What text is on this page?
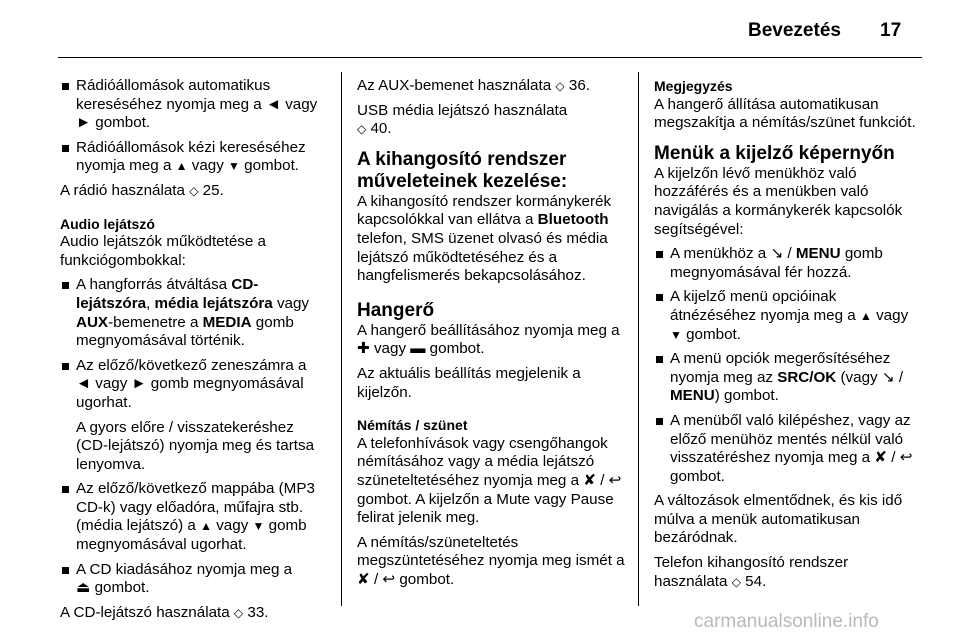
Bevezetés 17
Rádióállomások automatikus kereséséhez nyomja meg a ◄ vagy ► gombot.
Rádióállomások kézi kereséséhez nyomja meg a ▲ vagy ▼ gombot.

A rádió használata ◇ 25.

Audio lejátszó

Audio lejátszók működtetése a funkciógombokkal:

A hangforrás átváltása CD-lejátszóra, média lejátszóra vagy AUX-bemenetre a MEDIA gomb megnyomásával történik.
Az előző/következő zeneszámra a ◄ vagy ► gomb megnyomásával ugorhat.
A gyors előre / visszatekeréshez (CD-lejátszó) nyomja meg és tartsa lenyomva.
Az előző/következő mappába (MP3 CD-k) vagy előadóra, műfajra stb. (média lejátszó) a ▲ vagy ▼ gomb megnyomásával ugorhat.
A CD kiadásához nyomja meg a
⏏ gombot.

A CD-lejátszó használata ◇ 33.

Az AUX-bemenet használata ◇ 36.

USB média lejátszó használata
◇ 40.

A kihangosító rendszer műveleteinek kezelése:

A kihangosító rendszer kormánykerék kapcsolókkal van ellátva a Bluetooth telefon, SMS üzenet olvasó és média lejátszó működtetéséhez és a hangfelismerés bekapcsolásához.

Hangerő

A hangerő beállításához nyomja meg a ✚ vagy ▬ gombot.

Az aktuális beállítás megjelenik a kijelzőn.

Némítás / szünet

A telefonhívások vagy csengőhangok némításához vagy a média lejátszó szüneteltetéséhez nyomja meg a ✘ / ↩ gombot. A kijelzőn a Mute vagy Pause felirat jelenik meg.

A némítás/szüneteltetés megszüntetéséhez nyomja meg ismét a ✘ / ↩ gombot.

Megjegyzés

A hangerő állítása automatikusan megszakítja a némítás/szünet funkciót.

Menük a kijelző képernyőn

A kijelzőn lévő menükhöz való hozzáférés és a menükben való navigálás a kormánykerék kapcsolók segítségével:

A menükhöz a ↘ / MENU gomb megnyomásával fér hozzá.
A kijelző menü opcióinak átnézéséhez nyomja meg a ▲ vagy ▼ gombot.
A menü opciók megerősítéséhez nyomja meg az SRC/OK (vagy ↘ / MENU) gombot.
A menüből való kilépéshez, vagy az előző menühöz mentés nélkül való visszatéréshez nyomja meg a ✘ / ↩ gombot.

A változások elmentődnek, és kis idő múlva a menük automatikusan bezáródnak.

Telefon kihangosító rendszer használata ◇ 54.

carmanualsonline.info
